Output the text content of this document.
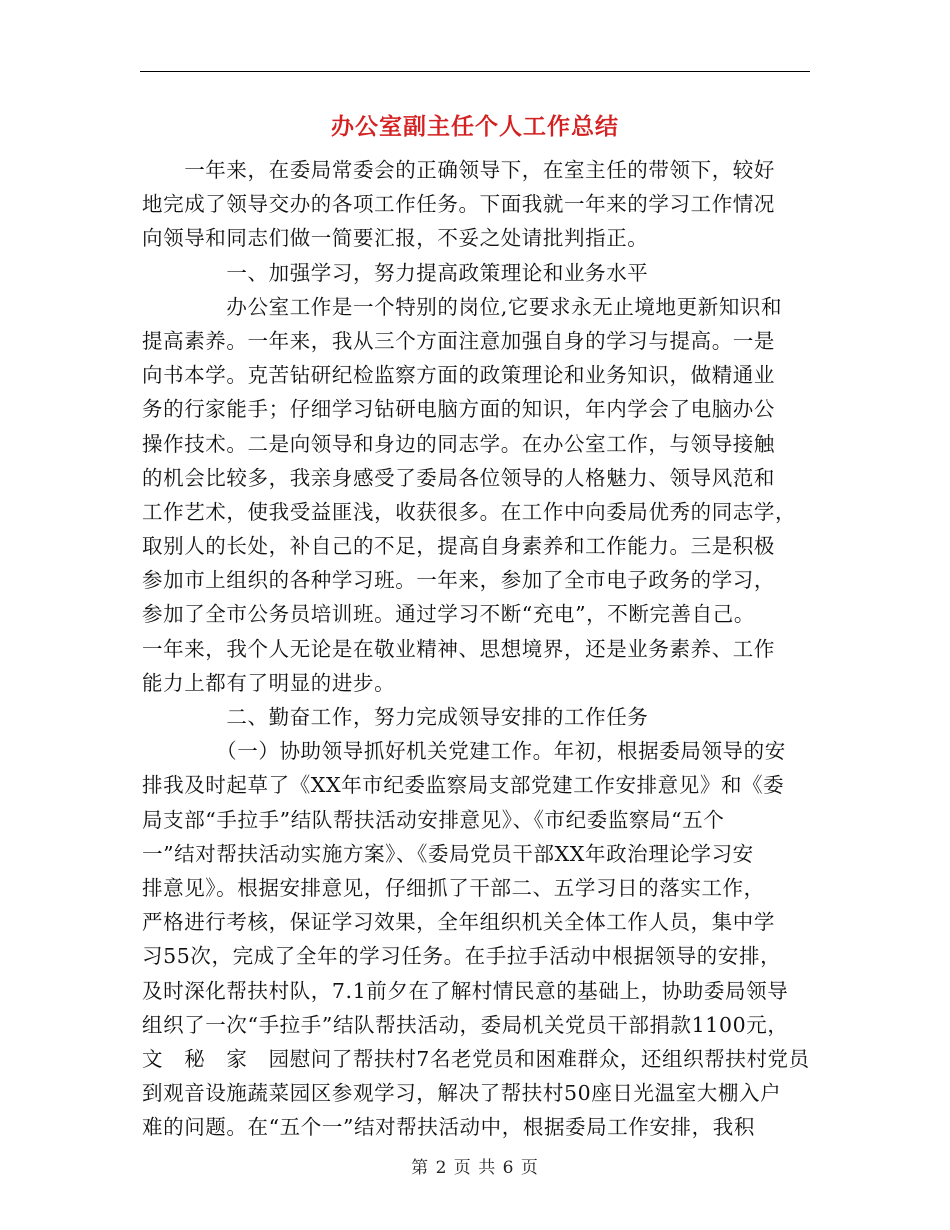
办公室副主任个人工作总结
　　一年来，在委局常委会的正确领导下，在室主任的带领下，较好
地完成了领导交办的各项工作任务。下面我就一年来的学习工作情况
向领导和同志们做一简要汇报，不妥之处请批判指正。
　　　　一、加强学习，努力提高政策理论和业务水平
　　　　办公室工作是一个特别的岗位,它要求永无止境地更新知识和
提高素养。一年来，我从三个方面注意加强自身的学习与提高。一是
向书本学。克苦钻研纪检监察方面的政策理论和业务知识，做精通业
务的行家能手；仔细学习钻研电脑方面的知识，年内学会了电脑办公
操作技术。二是向领导和身边的同志学。在办公室工作，与领导接触
的机会比较多，我亲身感受了委局各位领导的人格魅力、领导风范和
工作艺术，使我受益匪浅，收获很多。在工作中向委局优秀的同志学，
取别人的长处，补自己的不足，提高自身素养和工作能力。三是积极
参加市上组织的各种学习班。一年来，参加了全市电子政务的学习，
参加了全市公务员培训班。通过学习不断“充电”，不断完善自己。
一年来，我个人无论是在敬业精神、思想境界，还是业务素养、工作
能力上都有了明显的进步。
　　　　二、勤奋工作，努力完成领导安排的工作任务
　　　　（一）协助领导抓好机关党建工作。年初，根据委局领导的安
排我及时起草了《XX年市纪委监察局支部党建工作安排意见》和《委
局支部“手拉手”结队帮扶活动安排意见》、《市纪委监察局“五个
一”结对帮扶活动实施方案》、《委局党员干部XX年政治理论学习安
排意见》。根据安排意见，仔细抓了干部二、五学习日的落实工作，
严格进行考核，保证学习效果，全年组织机关全体工作人员，集中学
习55次，完成了全年的学习任务。在手拉手活动中根据领导的安排，
及时深化帮扶村队，7.1前夕在了解村情民意的基础上，协助委局领导
组织了一次“手拉手”结队帮扶活动，委局机关党员干部捐款1100元，
文　秘　家　园慰问了帮扶村7名老党员和困难群众，还组织帮扶村党员
到观音设施蔬菜园区参观学习，解决了帮扶村50座日光温室大棚入户
难的问题。在“五个一”结对帮扶活动中，根据委局工作安排，我积
第 2 页 共 6 页
